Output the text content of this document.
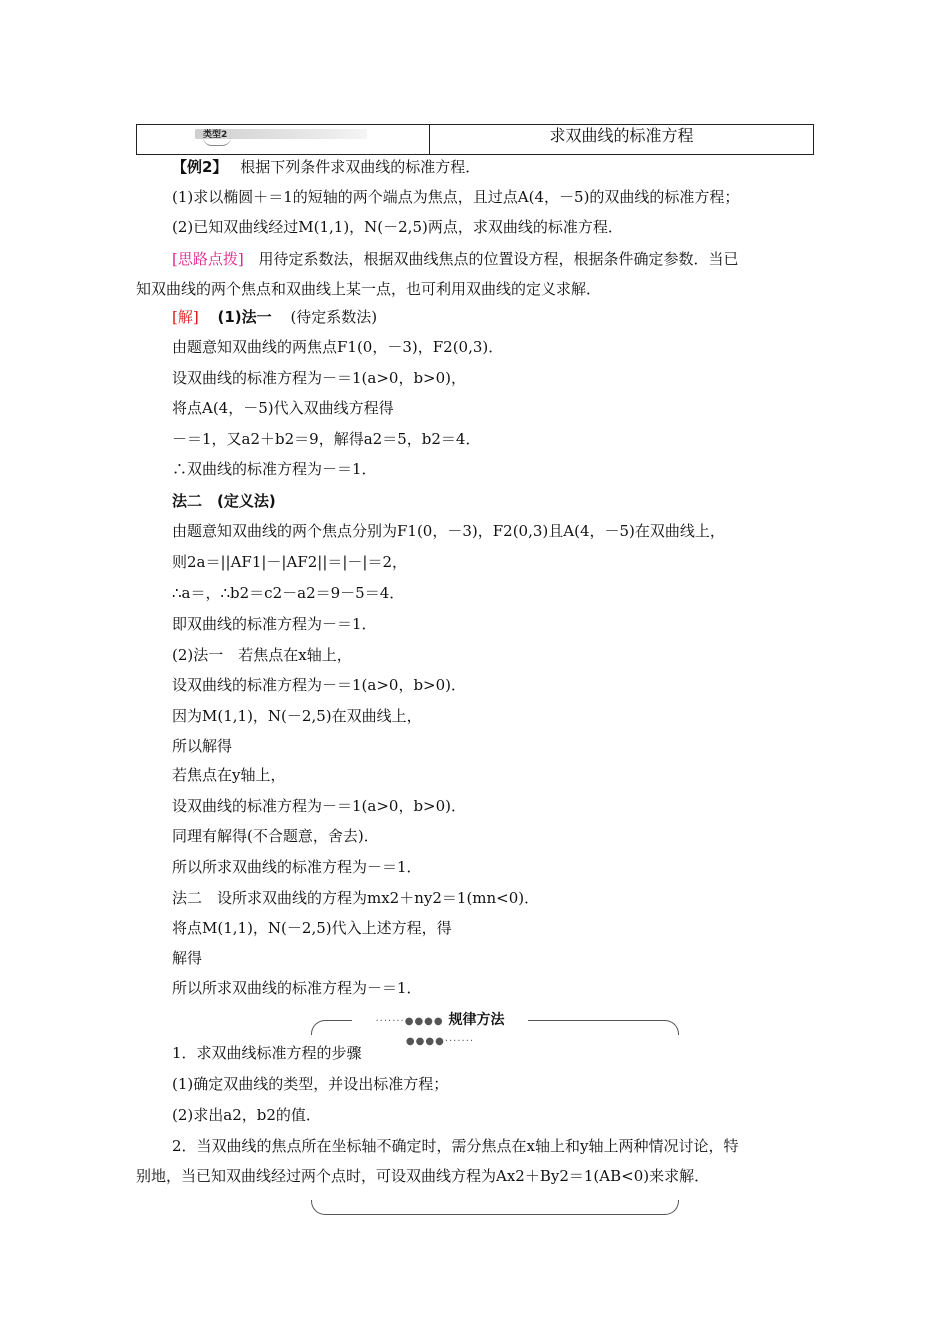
类型2	求双曲线的标准方程
【例2】 根据下列条件求双曲线的标准方程．
(1)求以椭圆＋＝1的短轴的两个端点为焦点，且过点A(4，－5)的双曲线的标准方程；
(2)已知双曲线经过M(1,1)，N(－2,5)两点，求双曲线的标准方程．
[思路点拨] 用待定系数法，根据双曲线焦点的位置设方程，根据条件确定参数．当已
知双曲线的两个焦点和双曲线上某一点，也可利用双曲线的定义求解．
[解] (1)法一 (待定系数法)
由题意知双曲线的两焦点F1(0，－3)，F2(0,3)．
设双曲线的标准方程为－＝1(a>0，b>0)，
将点A(4，－5)代入双曲线方程得
－＝1，又a2＋b2＝9，解得a2＝5，b2＝4．
∴双曲线的标准方程为－＝1．
法二　(定义法)
由题意知双曲线的两个焦点分别为F1(0，－3)，F2(0,3)且A(4，－5)在双曲线上，
则2a＝||AF1|－|AF2||＝|－|＝2，
∴a＝，∴b2＝c2－a2＝9－5＝4．
即双曲线的标准方程为－＝1．
(2)法一　若焦点在x轴上，
设双曲线的标准方程为－＝1(a>0，b>0)．
因为M(1,1)，N(－2,5)在双曲线上，
所以解得
若焦点在y轴上，
设双曲线的标准方程为－＝1(a>0，b>0)．
同理有解得(不合题意，舍去)．
所以所求双曲线的标准方程为－＝1．
法二　设所求双曲线的方程为mx2＋ny2＝1(mn<0)．
将点M(1,1)，N(－2,5)代入上述方程，得
解得
所以所求双曲线的标准方程为－＝1．
·······●●●● 规律方法 ●●●●·······
1．求双曲线标准方程的步骤
(1)确定双曲线的类型，并设出标准方程；
(2)求出a2，b2的值．
2．当双曲线的焦点所在坐标轴不确定时，需分焦点在x轴上和y轴上两种情况讨论，特
别地，当已知双曲线经过两个点时，可设双曲线方程为Ax2＋By2＝1(AB<0)来求解．
